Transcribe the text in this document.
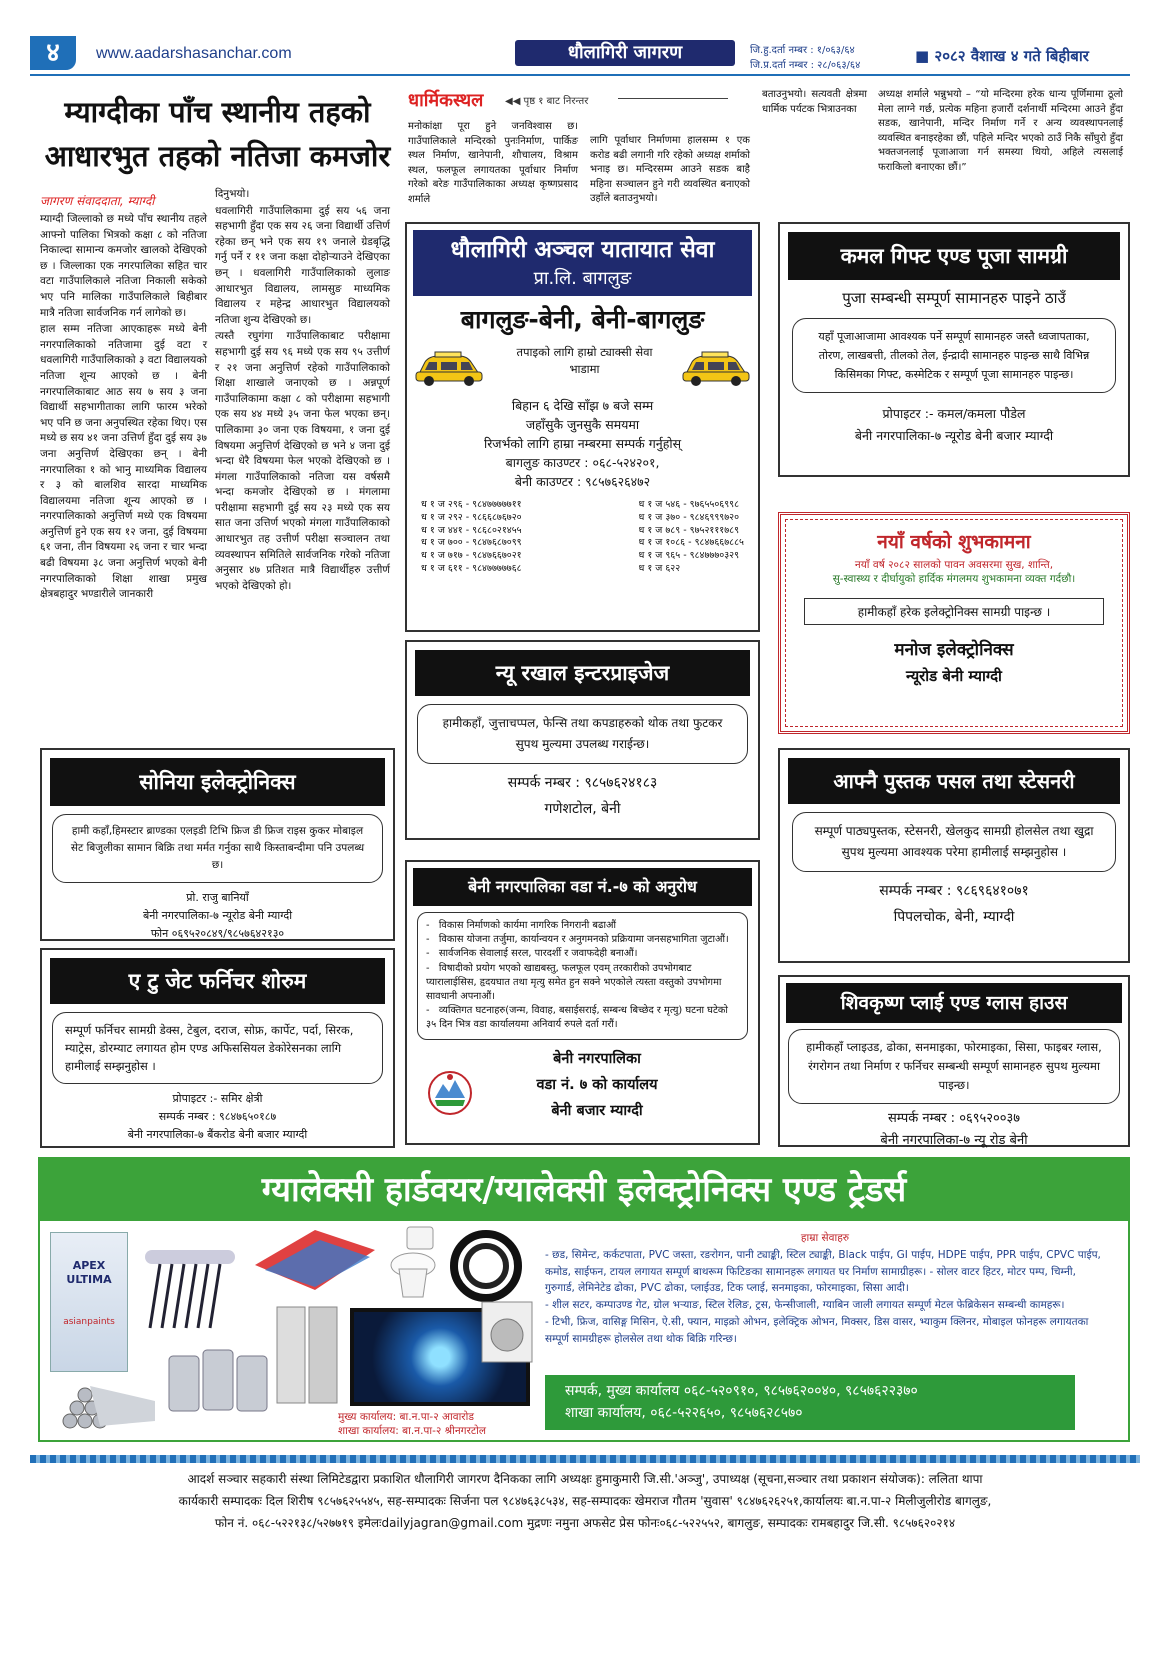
४	www.aadarshasanchar.com	धौलागिरी जागरण	जि.हु.दर्ता नम्बर : १/०६३/६४
जि.प्र.दर्ता नम्बर : २८/०६३/६४
■ २०८२ वैशाख ४ गते बिहीबार
म्याग्दीका पाँच स्थानीय तहको आधारभुत तहको नतिजा कमजोर
जागरण संवाददाता, म्याग्दी

म्याग्दी जिल्लाको छ मध्ये पाँच स्थानीय तहले आफ्नो पालिका भित्रको कक्षा ८ को नतिजा निकाल्दा सामान्य कमजोर खालको देखिएको छ । जिल्लाका एक नगरपालिका सहित चार वटा गाउँपालिकाले नतिजा निकाली सकेको भए पनि मालिका गाउँपालिकाले बिहीबार मात्रै नतिजा सार्वजनिक गर्न लागेको छ।

हाल सम्म नतिजा आएकाहरू मध्ये बेनी नगरपालिकाको नतिजामा दुई वटा र धवलागिरी गाउँपालिकाको ३ वटा विद्यालयको नतिजा शून्य आएको छ । बेनी नगरपालिकाबाट आठ सय ७ सय ३ जना विद्यार्थी सहभागीताका लागि फारम भरेको भए पनि छ जना अनुपस्थित रहेका थिए। एस मध्ये छ सय ४१ जना उत्तिर्ण हुँदा दुई सय ३७ जना अनुत्तिर्ण देखिएका छन् । बेनी नगरपालिका १ को भानु माध्यमिक विद्यालय र ३ को बालशिव सारदा माध्यमिक विद्यालयमा नतिजा शून्य आएको छ । नगरपालिकाको अनुत्तिर्ण मध्ये एक विषयमा अनुत्तिर्ण हुने एक सय १२ जना, दुई विषयमा ६१ जना, तीन विषयमा २६ जना र चार भन्दा बढी विषयमा ३८ जना अनुत्तिर्ण भएको बेनी नगरपालिकाको शिक्षा शाखा प्रमुख क्षेत्रबहादुर भण्डारीले जानकारी

दिनुभयो।

धवलागिरी गाउँपालिकामा दुई सय ५६ जना सहभागी हुँदा एक सय २६ जना विद्यार्थी उत्तिर्ण रहेका छन् भने एक सय १९ जनाले ग्रेडबृद्धि गर्नु पर्ने र ११ जना कक्षा दोहोऱ्याउने देखिएका छन् । धवलागिरी गाउँपालिकाको लुलाङ आधारभुत विद्यालय, लामसुङ माध्यमिक विद्यालय र महेन्द्र आधारभुत विद्यालयको नतिजा शुन्य देखिएको छ।

त्यस्तै रघुगंगा गाउँपालिकाबाट परीक्षामा सहभागी दुई सय ९६ मध्ये एक सय ९५ उत्तीर्ण र २१ जना अनुत्तिर्ण रहेको गाउँपालिकाको शिक्षा शाखाले जनाएको छ । अन्नपूर्ण गाउँपालिकामा कक्षा ८ को परीक्षामा सहभागी एक सय ४४ मध्ये ३५ जना फेल भएका छन्। पालिकामा ३० जना एक विषयमा, १ जना दुई विषयमा अनुत्तिर्ण देखिएको छ भने ४ जना दुई भन्दा धेरै विषयमा फेल भएको देखिएको छ । मंगला गाउँपालिकाको नतिजा यस वर्षसमै भन्दा कमजोर देखिएको छ । मंगलामा परीक्षामा सहभागी दुई सय २३ मध्ये एक सय सात जना उत्तिर्ण भएको मंगला गाउँपालिकाको आधारभुत तह उत्तीर्ण परीक्षा सञ्चालन तथा व्यवस्थापन समितिले सार्वजनिक गरेको नतिजा अनुसार ४७ प्रतिशत मात्रै विद्यार्थीहरु उत्तीर्ण भएको देखिएको हो।

धार्मिकस्थल ◀◀ पृष्ठ १ बाट निरन्तर
मनोकांक्षा पूरा हुने जनविश्वास छ। गाउँपालिकाले मन्दिरको पुनःनिर्माण, पार्किङ स्थल निर्माण, खानेपानी, शौचालय, विश्राम स्थल, फलफूल लगायतका पूर्वाधार निर्माण गरेको बरेङ गाउँपालिकाका अध्यक्ष कृष्णप्रसाद शर्माले
लागि पूर्वाधार निर्माणमा हालसम्म १ एक करोड बढी लगानी गरि रहेको अध्यक्ष शर्माको भनाइ छ। मन्दिरसम्म आउने सडक बाहै महिना सञ्चालन हुने गरी व्यवस्थित बनाएको उहाँले बताउनुभयो।
बताउनुभयो। सत्यवती क्षेत्रमा धार्मिक पर्यटक भित्राउनका
अध्यक्ष शर्माले भन्नुभयो – “यो मन्दिरमा हरेक धान्य पूर्णिमामा ठूलो मेला लाग्ने गर्छ, प्रत्येक महिना हजारौं दर्शनार्थी मन्दिरमा आउने हुँदा सडक, खानेपानी, मन्दिर निर्माण गर्ने र अन्य व्यवस्थापनलाई व्यवस्थित बनाइरहेका छौं, पहिले मन्दिर भएको ठाउँ निकै साँघुरो हुँदा भक्तजनलाई पूजाआजा गर्न समस्या थियो, अहिले त्यसलाई फराकिलो बनाएका छौं।”
धौलागिरी अञ्चल यातायात सेवा
प्रा.लि. बागलुङ
बागलुङ-बेनी, बेनी-बागलुङ
तपाइको लागि हाम्रो ट्याक्सी सेवा
भाडामा
बिहान ६ देखि साँझ ७ बजे सम्म
जहाँसुकै जुनसुकै समयमा
रिजर्भको लागि हाम्रा नम्बरमा सम्पर्क गर्नुहोस्
बागलुङ काउण्टर : ०६८-५२४२०१,
बेनी काउण्टर : ९८५७६२६४७२
ध १ ज २९६ - ९८४७७७७७११
ध १ ज २९२ - ९८६६८७६७२०
ध १ ज ४४१ - ९८६८०२१४५५
ध १ ज ७०० - ९८४७६८७०९९
ध १ ज ७१७ - ९८४७६६७०२१
ध १ ज ६११ - ९८४७७७७७६८
ध १ ज ५४६ - ९७६५५०६९९८
ध १ ज ३७० - ९८४६९९९७२०
ध १ ज ७८९ - ९७५२१११७८९
ध १ ज १०८६ - ९८४७६६७८८५
ध १ ज ९६५ - ९८४७७७०३२९
ध १ ज ६२२
कमल गिफ्ट एण्ड पूजा सामग्री
पुजा सम्बन्धी सम्पूर्ण सामानहरु पाइने ठाउँ
यहाँ पूजाआजामा आवश्यक पर्ने सम्पूर्ण सामानहरु जस्तै ध्वजापताका, तोरण, लाखबत्ती, तीलको तेल, ईन्द्रादी सामानहरु पाइन्छ साथै विभिन्न किसिमका गिफ्ट, कस्मेटिक र सम्पूर्ण पूजा सामानहरु पाइन्छ।
प्रोपाइटर :- कमल/कमला पौडेल
बेनी नगरपालिका-७ न्यूरोड बेनी बजार म्याग्दी
नयाँ वर्षको शुभकामना
नयाँ वर्ष २०८२ सालको पावन अवसरमा सुख, शान्ति,
सु-स्वास्थ्य र दीर्घायुको हार्दिक मंगलमय शुभकामना व्यक्त गर्दछौ।
हामीकहाँ हरेक इलेक्ट्रोनिक्स सामग्री पाइन्छ ।
मनोज इलेक्ट्रोनिक्स
न्यूरोड बेनी म्याग्दी
न्यू रखाल इन्टरप्राइजेज
हामीकहाँ, जुत्ताचप्पल, फेन्सि तथा कपडाहरुको थोक तथा फुटकर सुपथ मुल्यमा उपलब्ध गराईन्छ।
सम्पर्क नम्बर : ९८५७६२४१८३
गणेशटोल, बेनी
सोनिया इलेक्ट्रोनिक्स
हामी कहाँ,हिमस्टार ब्राण्डका एलइडी टिभि फ्रिज डी फ्रिज राइस कुकर मोबाइल सेट बिजुलीका सामान बिक्रि तथा मर्मत गर्नुका साथै किस्ताबन्दीमा पनि उपलब्ध छ।
प्रो. राजु बानियाँ
बेनी नगरपालिका-७ न्यूरोड बेनी म्याग्दी
फोन ०६९५२०८४९/९८५७६४२१३०
आफ्नै पुस्तक पसल तथा स्टेसनरी
सम्पूर्ण पाठ्यपुस्तक, स्टेसनरी, खेलकुद सामग्री होलसेल तथा खुद्रा सुपथ मुल्यमा आवश्यक परेमा हामीलाई सम्झनुहोस ।
सम्पर्क नम्बर : ९८६९६४१०७१
पिपलचोक, बेनी, म्याग्दी
बेनी नगरपालिका वडा नं.-७ को अनुरोध
-   विकास निर्माणको कार्यमा नागरिक निगरानी बढाऔं
-   विकास योजना तर्जुमा, कार्यान्वयन र अनुगमनको प्रक्रियामा जनसहभागिता जुटाऔं।
-   सार्वजनिक सेवालाई सरल, पारदर्शी र जवाफदेही बनाऔं।
-   विषादीको प्रयोग भएको खाद्यबस्तु, फलफूल एवम् तरकारीको उपभोगबाट प्यारालाईसिस, हृदयघात तथा मृत्यु समेत हुन सक्ने भएकोले त्यस्ता वस्तुको उपभोगमा सावधानी अपनाऔं।
-   व्यक्तिगत घटनाहरु(जन्म, विवाह, बसाईसराई, सम्बन्ध बिच्छेद र मृत्यु) घटना घटेको ३५ दिन भित्र वडा कार्यालयमा अनिवार्य रुपले दर्ता गरौं।
बेनी नगरपालिका
वडा नं. ७ को कार्यालय
बेनी बजार म्याग्दी
ए टु जेट फर्निचर शोरुम
सम्पूर्ण फर्निचर सामग्री डेक्स, टेबुल, दराज, सोफ्र, कार्पेट, पर्दा, सिरक, म्याट्रेस, डोरम्याट लगायत होम एण्ड अफिससियल डेकोरेसनका लागि हामीलाई सम्झनुहोस ।
प्रोपाइटर :- समिर क्षेत्री
सम्पर्क नम्बर : ९८४७६५०१८७
बेनी नगरपालिका-७ बैंकरोड बेनी बजार म्याग्दी
शिवकृष्ण प्लाई एण्ड ग्लास हाउस
हामीकहाँ प्लाइउड, ढोका, सनमाइका, फोरमाइका, सिसा, फाइबर ग्लास, रंगरोगन तथा निर्माण र फर्निचर सम्बन्धी सम्पूर्ण सामानहरु सुपथ मुल्यमा पाइन्छ।
सम्पर्क नम्बर : ०६९५२००३७
बेनी नगरपालिका-७ न्यू रोड बेनी
ग्यालेक्सी हार्डवयर/ग्यालेक्सी इलेक्ट्रोनिक्स एण्ड ट्रेडर्स
APEX ULTIMA
asianpaints
मुख्य कार्यालय: बा.न.पा-२ आवारोड
शाखा कार्यालय: बा.न.पा-२ श्रीनगरटोल
हाम्रा सेवाहरु
- छड, सिमेन्ट, कर्कटपाता, PVC जस्ता, रङरोगन, पानी ट्याङ्की, स्टिल ट्याङ्की, Black पाईप, GI पाईप, HDPE पाईप, PPR पाईप, CPVC पाईप, कमोड, साईफन, टायल लगायत सम्पूर्ण बाथरूम फिटिङका सामानहरू लगायत घर निर्माण सामाग्रीहरू। - सोलर वाटर हिटर, मोटर पम्प, चिम्नी, गुरुगार्ड, लेमिनेटेड ढोका, PVC ढोका, प्लाईउड, टिक प्लाई, सनमाइका, फोरमाइका, सिसा आदी।
- शील सटर, कम्पाउण्ड गेट, ग्रोल भऱ्याङ, स्टिल रेलिङ, ट्रस, फेन्सीजाली, ग्याबिन जाली लगायत सम्पूर्ण मेटल फेब्रिकेसन सम्बन्धी कामहरू।
- टिभी, फ्रिज, वासिङ्ग मिसिन, ऐ.सी, फ्यान, माइक्रो ओभन, इलेक्ट्रिक ओभन, मिक्सर, डिस वासर, भ्याकुम क्लिनर, मोबाइल फोनहरू लगायतका सम्पूर्ण सामग्रीहरू होलसेल तथा थोक बिक्रि गरिन्छ।
सम्पर्क, मुख्य कार्यालय ०६८-५२०९१०, ९८५७६२००४०, ९८५७६२२३७०
शाखा कार्यालय, ०६८-५२२६५०, ९८५७६२८५७०
आदर्श सञ्चार सहकारी संस्था लिमिटेडद्वारा प्रकाशित धौलागिरी जागरण दैनिकका लागि अध्यक्षः हुमाकुमारी जि.सी.'अञ्जु', उपाध्यक्ष (सूचना,सञ्चार तथा प्रकाशन संयोजक): ललिता थापा
कार्यकारी सम्पादकः दिल शिरीष ९८५७६२५५४५, सह-सम्पादकः सिर्जना पल ९८४७६३८५३४, सह-सम्पादकः खेमराज गौतम 'सुवास' ९८४७६२६२५१,कार्यालयः बा.न.पा-२ मिलीजुलीरोड बागलुङ,
फोन नं. ०६८-५२२१३८/५२७७१९ इमेलःdailyjagran@gmail.com मुद्रणः नमुना अफसेट प्रेस फोनः०६८-५२२५५२, बागलुङ, सम्पादकः रामबहादुर जि.सी. ९८५७६२०२१४
